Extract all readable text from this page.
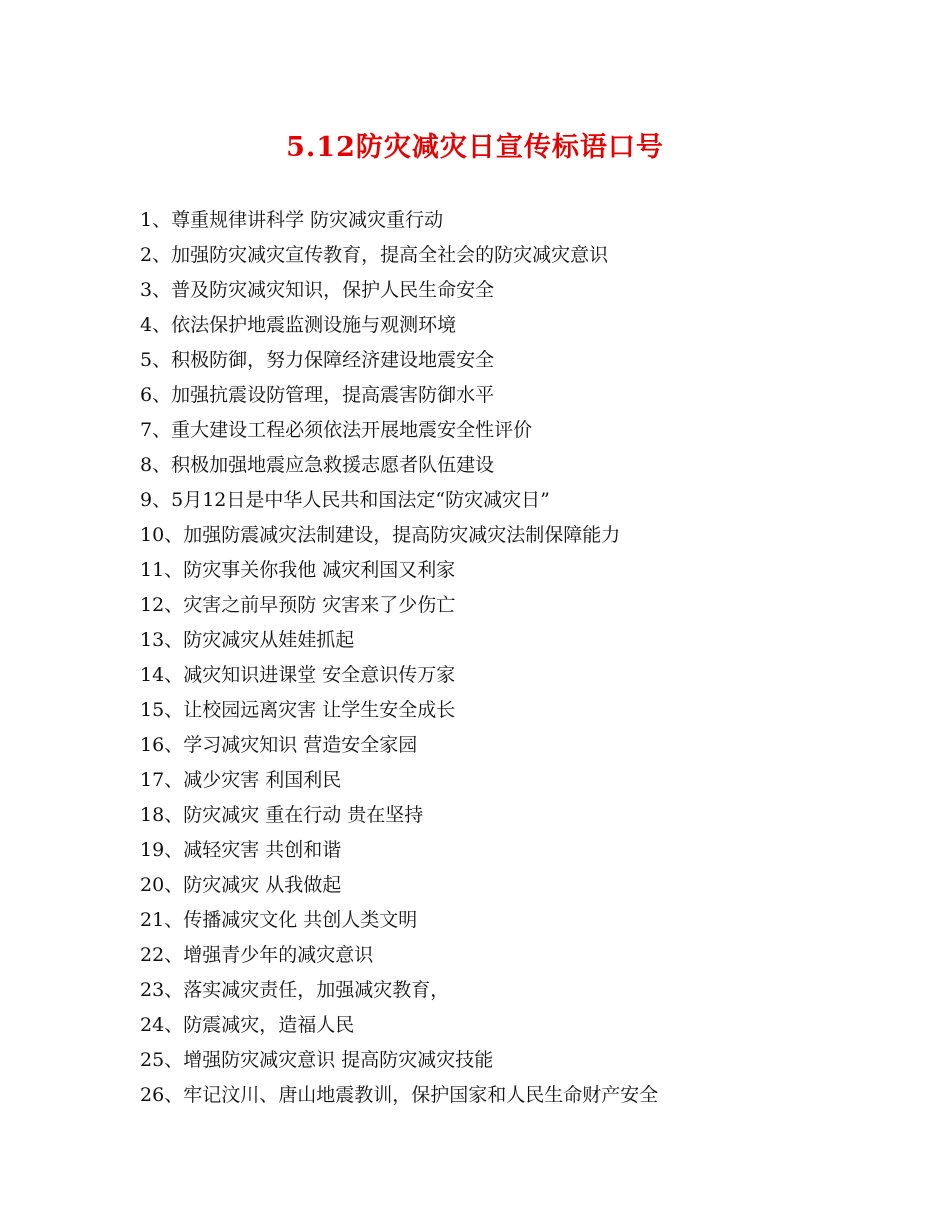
5.12防灾减灾日宣传标语口号
1、尊重规律讲科学 防灾减灾重行动
2、加强防灾减灾宣传教育，提高全社会的防灾减灾意识
3、普及防灾减灾知识，保护人民生命安全
4、依法保护地震监测设施与观测环境
5、积极防御，努力保障经济建设地震安全
6、加强抗震设防管理，提高震害防御水平
7、重大建设工程必须依法开展地震安全性评价
8、积极加强地震应急救援志愿者队伍建设
9、5月12日是中华人民共和国法定“防灾减灾日”
10、加强防震减灾法制建设，提高防灾减灾法制保障能力
11、防灾事关你我他 减灾利国又利家
12、灾害之前早预防 灾害来了少伤亡
13、防灾减灾从娃娃抓起
14、减灾知识进课堂 安全意识传万家
15、让校园远离灾害 让学生安全成长
16、学习减灾知识 营造安全家园
17、减少灾害 利国利民
18、防灾减灾 重在行动 贵在坚持
19、减轻灾害 共创和谐
20、防灾减灾 从我做起
21、传播减灾文化 共创人类文明
22、增强青少年的减灾意识
23、落实减灾责任，加强减灾教育，
24、防震减灾，造福人民
25、增强防灾减灾意识 提高防灾减灾技能
26、牢记汶川、唐山地震教训，保护国家和人民生命财产安全
